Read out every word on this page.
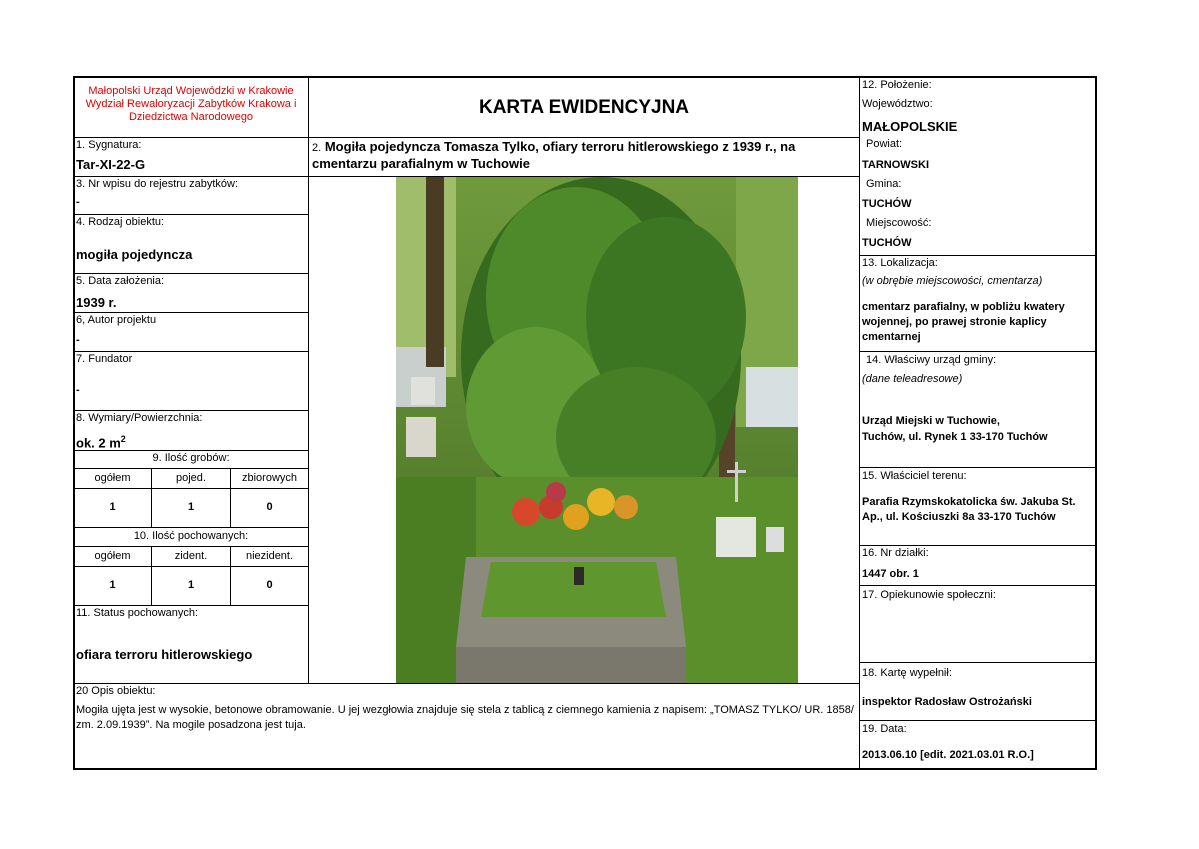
Małopolski Urząd Wojewódzki w Krakowie Wydział Rewaloryzacji Zabytków Krakowa i Dziedzictwa Narodowego	KARTA EWIDENCYJNA
2. Mogiła pojedyncza Tomasza Tylko, ofiary terroru hitlerowskiego z 1939 r., na cmentarzu parafialnym w Tuchowie
1. Sygnatura:
Tar-XI-22-G
3. Nr wpisu do rejestru zabytków:
-
4. Rodzaj obiektu:
mogiła pojedyncza
5. Data założenia:
1939 r.
6, Autor projektu
-
7. Fundator
-
8. Wymiary/Powierzchnia:
ok. 2 $m^2$
9. Ilość grobów:
ogółem	pojed.	zbiorowych
1	1	0
10. Ilość pochowanych:
ogółem	zident.	niezident.
1	1	0
11. Status pochowanych:
ofiara terroru hitlerowskiego
12. Położenie:
Województwo:
MAŁOPOLSKIE
Powiat:
TARNOWSKI
Gmina:
TUCHÓW
Miejscowość:
TUCHÓW
13. Lokalizacja:
(w obrębie miejscowości, cmentarza)
cmentarz parafialny, w pobliżu kwatery wojennej, po prawej stronie kaplicy cmentarnej
14. Właściwy urząd gminy:
(dane teleadresowe)
Urząd Miejski w Tuchowie,
Tuchów, ul. Rynek 1 33-170 Tuchów
15. Właściciel terenu:
Parafia Rzymskokatolicka św. Jakuba St. Ap., ul. Kościuszki 8a 33-170 Tuchów
16. Nr działki:
1447 obr. 1
17. Opiekunowie społeczni:
18. Kartę wypełnił:
inspektor Radosław Ostrożański
19. Data:
2013.06.10 [edit. 2021.03.01 R.O.]
20 Opis obiektu:
Mogiła ujęta jest w wysokie, betonowe obramowanie. U jej wezgłowia znajduje się stela z tablicą z ciemnego kamienia z napisem: „TOMASZ TYLKO/ UR. 1858/ zm. 2.09.1939”. Na mogile posadzona jest tuja.
